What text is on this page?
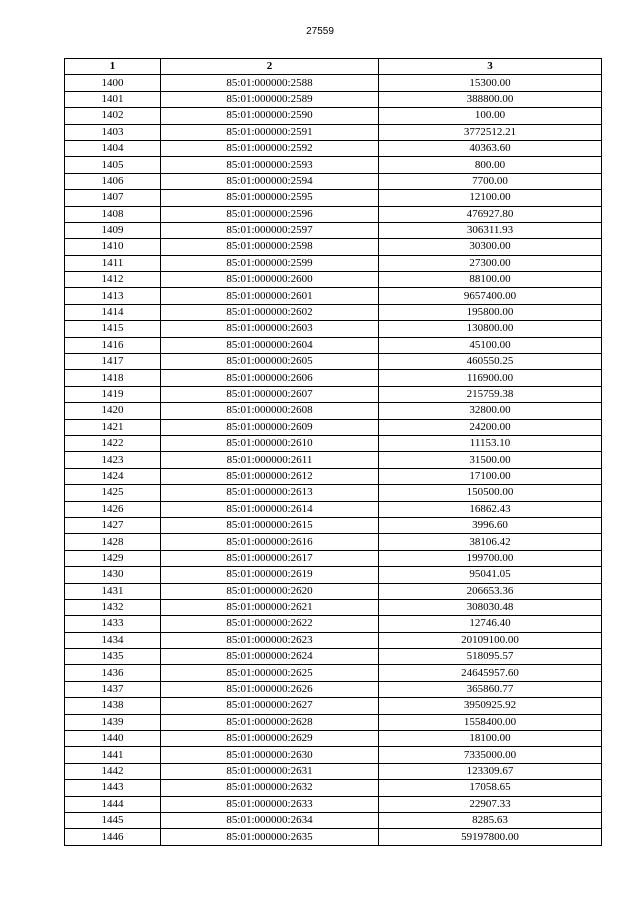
27559
1	2	3
1400	85:01:000000:2588	15300.00
1401	85:01:000000:2589	388800.00
1402	85:01:000000:2590	100.00
1403	85:01:000000:2591	3772512.21
1404	85:01:000000:2592	40363.60
1405	85:01:000000:2593	800.00
1406	85:01:000000:2594	7700.00
1407	85:01:000000:2595	12100.00
1408	85:01:000000:2596	476927.80
1409	85:01:000000:2597	306311.93
1410	85:01:000000:2598	30300.00
1411	85:01:000000:2599	27300.00
1412	85:01:000000:2600	88100.00
1413	85:01:000000:2601	9657400.00
1414	85:01:000000:2602	195800.00
1415	85:01:000000:2603	130800.00
1416	85:01:000000:2604	45100.00
1417	85:01:000000:2605	460550.25
1418	85:01:000000:2606	116900.00
1419	85:01:000000:2607	215759.38
1420	85:01:000000:2608	32800.00
1421	85:01:000000:2609	24200.00
1422	85:01:000000:2610	11153.10
1423	85:01:000000:2611	31500.00
1424	85:01:000000:2612	17100.00
1425	85:01:000000:2613	150500.00
1426	85:01:000000:2614	16862.43
1427	85:01:000000:2615	3996.60
1428	85:01:000000:2616	38106.42
1429	85:01:000000:2617	199700.00
1430	85:01:000000:2619	95041.05
1431	85:01:000000:2620	206653.36
1432	85:01:000000:2621	308030.48
1433	85:01:000000:2622	12746.40
1434	85:01:000000:2623	20109100.00
1435	85:01:000000:2624	518095.57
1436	85:01:000000:2625	24645957.60
1437	85:01:000000:2626	365860.77
1438	85:01:000000:2627	3950925.92
1439	85:01:000000:2628	1558400.00
1440	85:01:000000:2629	18100.00
1441	85:01:000000:2630	7335000.00
1442	85:01:000000:2631	123309.67
1443	85:01:000000:2632	17058.65
1444	85:01:000000:2633	22907.33
1445	85:01:000000:2634	8285.63
1446	85:01:000000:2635	59197800.00
